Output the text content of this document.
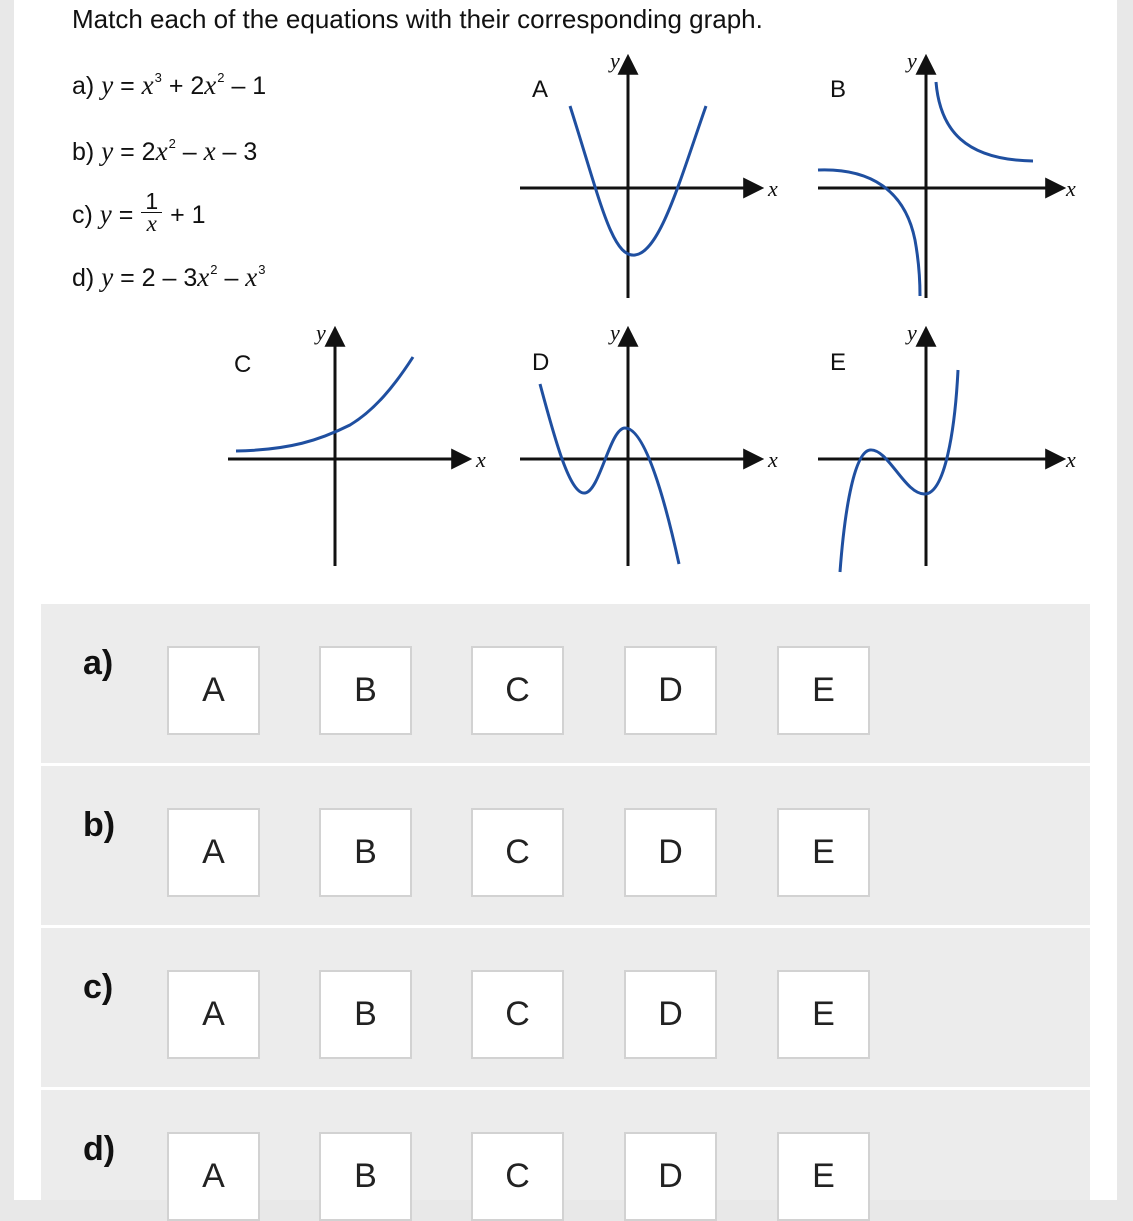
Match each of the equations with their corresponding graph.
a) $y = x^3 + 2x^2 - 1$
b) $y = 2x^2 - x - 3$
c) $y = \frac{1}{x} + 1$
d) $y = 2 - 3x^2 - x^3$
A
x
y
B
x
y
C
x
y
D
x
y
E
x
y
a)
A	B	C	D	E
b)
A	B	C	D	E
c)
A	B	C	D	E
d)
A	B	C	D	E
